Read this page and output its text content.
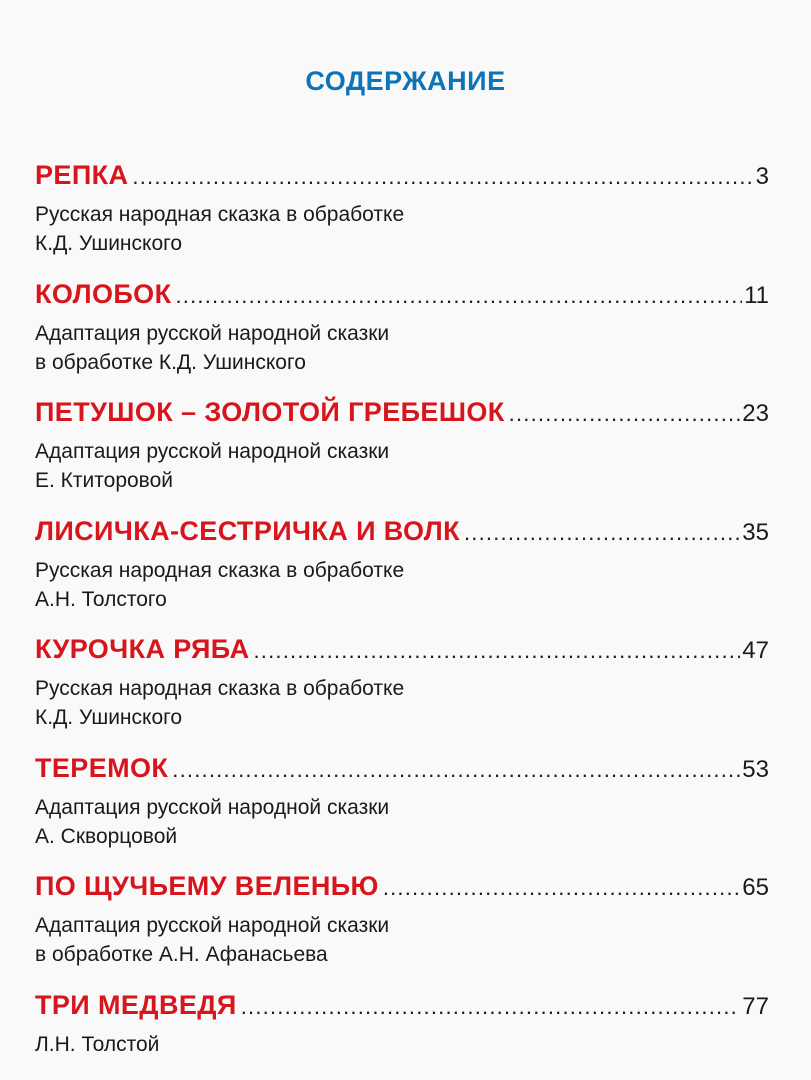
СОДЕРЖАНИЕ
РЕПКА .....	3
Русская народная сказка в обработке
К.Д. Ушинского
КОЛОБОК .....	11
Адаптация русской народной сказки
в обработке К.Д. Ушинского
ПЕТУШОК – ЗОЛОТОЙ ГРЕБЕШОК .....	23
Адаптация русской народной сказки
Е. Ктиторовой
ЛИСИЧКА-СЕСТРИЧКА И ВОЛК .....	35
Русская народная сказка в обработке
А.Н. Толстого
КУРОЧКА РЯБА .....	47
Русская народная сказка в обработке
К.Д. Ушинского
ТЕРЕМОК .....	53
Адаптация русской народной сказки
А. Скворцовой
ПО ЩУЧЬЕМУ ВЕЛЕНЬЮ .....	65
Адаптация русской народной сказки
в обработке А.Н. Афанасьева
ТРИ МЕДВЕДЯ .....	77
Л.Н. Толстой
